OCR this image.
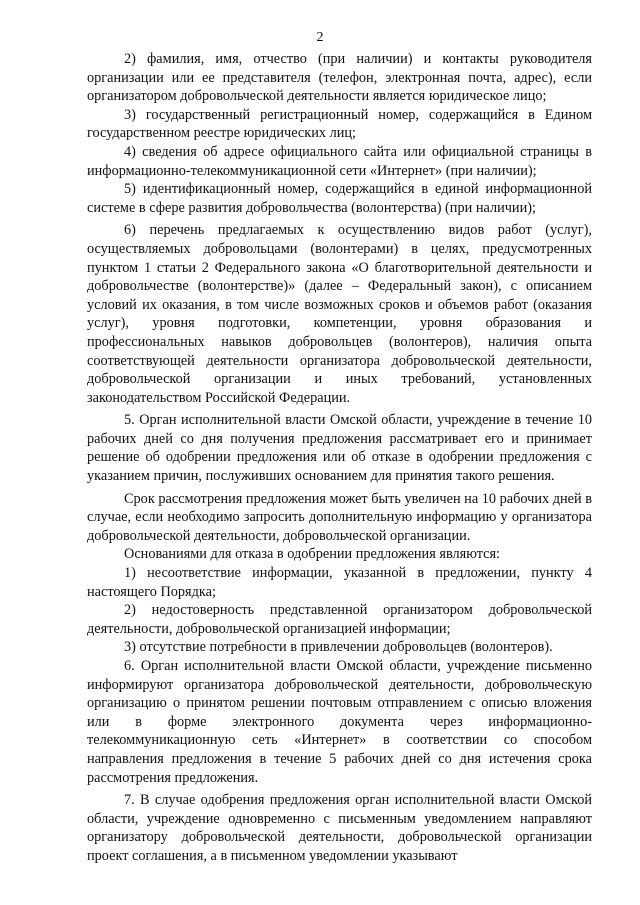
2

2) фамилия, имя, отчество (при наличии) и контакты руководителя организации или ее представителя (телефон, электронная почта, адрес), если организатором добровольческой деятельности является юридическое лицо;

3) государственный регистрационный номер, содержащийся в Едином государственном реестре юридических лиц;

4) сведения об адресе официального сайта или официальной страницы в информационно-телекоммуникационной сети «Интернет» (при наличии);

5) идентификационный номер, содержащийся в единой информационной системе в сфере развития добровольчества (волонтерства) (при наличии);

6) перечень предлагаемых к осуществлению видов работ (услуг), осуществляемых добровольцами (волонтерами) в целях, предусмотренных пунктом 1 статьи 2 Федерального закона «О благотворительной деятельности и добровольчестве (волонтерстве)» (далее – Федеральный закон), с описанием условий их оказания, в том числе возможных сроков и объемов работ (оказания услуг), уровня подготовки, компетенции, уровня образования и профессиональных навыков добровольцев (волонтеров), наличия опыта соответствующей деятельности организатора добровольческой деятельности, добровольческой организации и иных требований, установленных законодательством Российской Федерации.

5. Орган исполнительной власти Омской области, учреждение в течение 10 рабочих дней со дня получения предложения рассматривает его и принимает решение об одобрении предложения или об отказе в одобрении предложения с указанием причин, послуживших основанием для принятия такого решения.

Срок рассмотрения предложения может быть увеличен на 10 рабочих дней в случае, если необходимо запросить дополнительную информацию у организатора добровольческой деятельности, добровольческой организации.

Основаниями для отказа в одобрении предложения являются:

1) несоответствие информации, указанной в предложении, пункту 4 настоящего Порядка;

2) недостоверность представленной организатором добровольческой деятельности, добровольческой организацией информации;

3) отсутствие потребности в привлечении добровольцев (волонтеров).

6. Орган исполнительной власти Омской области, учреждение письменно информируют организатора добровольческой деятельности, добровольческую организацию о принятом решении почтовым отправлением с описью вложения или в форме электронного документа через информационно-телекоммуникационную сеть «Интернет» в соответствии со способом направления предложения в течение 5 рабочих дней со дня истечения срока рассмотрения предложения.

7. В случае одобрения предложения орган исполнительной власти Омской области, учреждение одновременно с письменным уведомлением направляют организатору добровольческой деятельности, добровольческой организации проект соглашения, а в письменном уведомлении указывают
